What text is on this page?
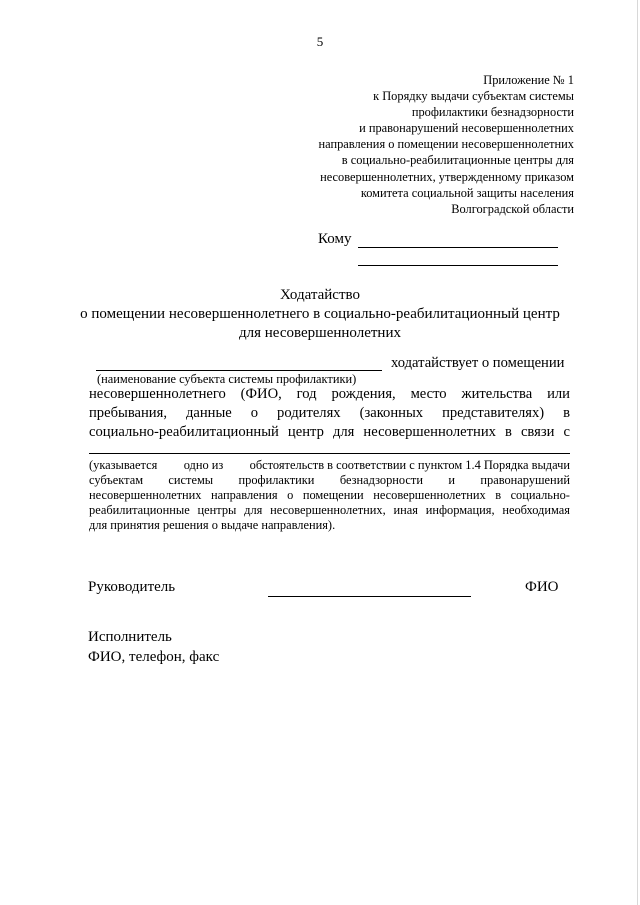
5
Приложение № 1
к Порядку выдачи субъектам системы
профилактики безнадзорности
и правонарушений несовершеннолетних
направления о помещении несовершеннолетних
в социально-реабилитационные центры для
несовершеннолетних, утвержденному приказом
комитета социальной защиты населения
Волгоградской области
Кому
Ходатайство
о помещении несовершеннолетнего в социально-реабилитационный центр
для несовершеннолетних
ходатайствует о помещении
(наименование субъекта системы профилактики)
несовершеннолетнего (ФИО, год рождения, место жительства или
пребывания, данные о родителях (законных представителях) в
социально-реабилитационный центр для несовершеннолетних в связи с
(указывается одно из обстоятельств в соответствии с пунктом 1.4 Порядка выдачи
субъектам системы профилактики безнадзорности и правонарушений
несовершеннолетних направления о помещении несовершеннолетних в социально-
реабилитационные центры для несовершеннолетних, иная информация, необходимая
для принятия решения о выдаче направления).
Руководитель	ФИО
Исполнитель
ФИО, телефон, факс
